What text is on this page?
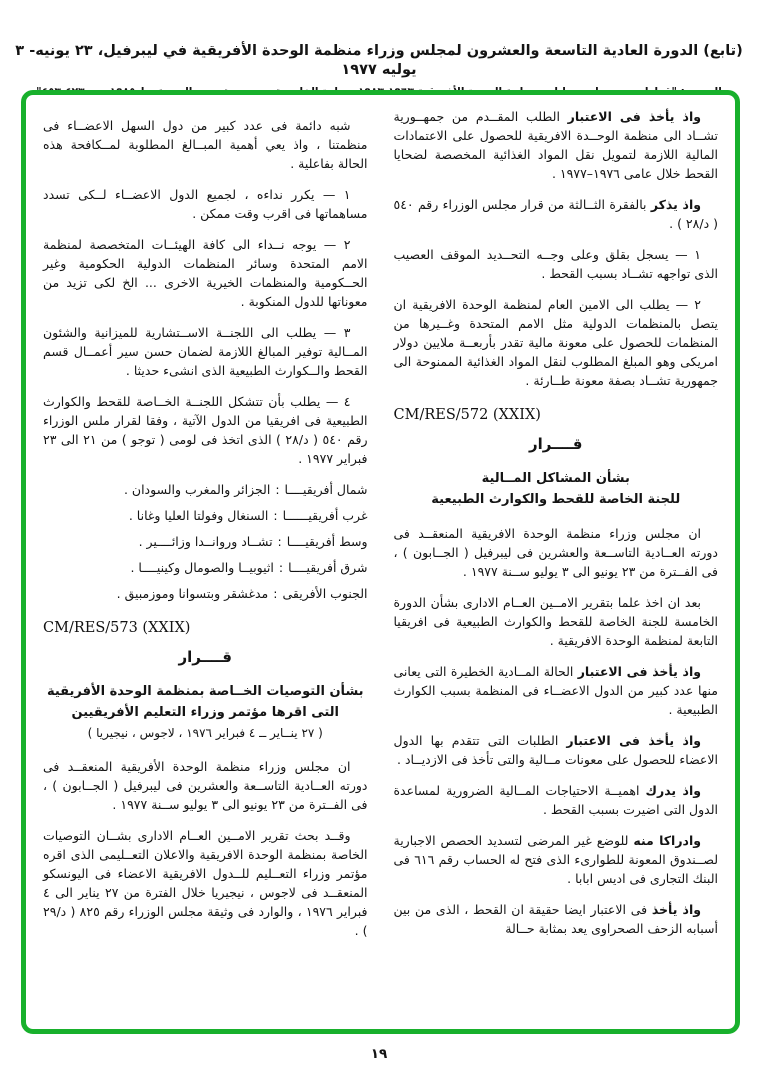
(تابع) الدورة العادية التاسعة والعشرون لمجلس وزراء منظمة الوحدة الأفريقية في ليبرفيل، ٢٣ يونيه- ٣ يوليه ١٩٧٧

واذ يأخذ فى الاعتبار الطلب المقــدم من جمهــورية تشــاد الى منظمة الوحــدة الافريقية للحصول على الاعتمادات المالية اللازمة لتمويل نقل المواد الغذائية المخصصة لضحايا القحط خلال عامى ١٩٧٦–١٩٧٧ .

واذ يذكر بالفقرة الثــالثة من قرار مجلس الوزراء رقم ٥٤٠ ( د/٢٨ ) .

١ — يسجل بقلق وعلى وجــه التحــديد الموقف العصيب الذى تواجهه تشــاد بسبب القحط .

٢ — يطلب الى الامين العام لمنظمة الوحدة الافريقية ان يتصل بالمنظمات الدولية مثل الامم المتحدة وغــيرها من المنظمات للحصول على معونة مالية تقدر بأربعــة ملايين دولار امريكى وهو المبلغ المطلوب لنقل المواد الغذائية الممنوحة الى جمهورية تشــاد بصفة معونة طــارئة .

CM/RES/572 (XXIX)
قــــرار
بشأن المشاكل المــالية
للجنة الخاصة للقحط والكوارث الطبيعية

ان مجلس وزراء منظمة الوحدة الافريقية المنعقــد فى دورته العــادية التاســعة والعشرين فى ليبرفيل ( الجــابون ) ، فى الفــترة من ٢٣ يونيو الى ٣ يوليو ســنة ١٩٧٧ .

بعد ان اخذ علما بتقرير الامــين العــام الادارى بشأن الدورة الخامسة للجنة الخاصة للقحط والكوارث الطبيعية فى افريقيا التابعة لمنظمة الوحدة الافريقية .

واذ يأخذ فى الاعتبار الحالة المــادية الخطيرة التى يعانى منها عدد كبير من الدول الاعضــاء فى المنظمة بسبب الكوارث الطبيعية .

واذ يأخذ فى الاعتبار الطلبات التى تتقدم بها الدول الاعضاء للحصول على معونات مــالية والتى تأخذ فى الازديــاد .

واذ يدرك اهميــة الاحتياجات المــالية الضرورية لمساعدة الدول التى اضيرت بسبب القحط .

وادراكا منه للوضع غير المرضى لتسديد الحصص الاجبارية لصــندوق المعونة للطوارىء الذى فتح له الحساب رقم ٦١٦ فى البنك التجارى فى اديس ابابا .

واذ يأخذ فى الاعتبار ايضا حقيقة ان القحط ، الذى من بين أسبابه الزحف الصحراوى يعد بمثابة حــالة

شبه دائمة فى عدد كبير من دول السهل الاعضــاء فى منظمتنا ، واذ يعي أهمية المبــالغ المطلوبة لمــكافحة هذه الحالة بفاعلية .

١ — يكرر نداءه ، لجميع الدول الاعضــاء لــكى تسدد مساهماتها فى اقرب وقت ممكن .

٢ — يوجه نــداء الى كافة الهيئــات المتخصصة لمنظمة الامم المتحدة وسائر المنظمات الدولية الحكومية وغير الحــكومية والمنظمات الخيرية الاخرى ... الخ لكى تزيد من معوناتها للدول المنكوبة .

٣ — يطلب الى اللجنــة الاســتشارية للميزانية والشئون المــالية توفير المبالغ اللازمة لضمان حسن سير أعمــال قسم القحط والــكوارث الطبيعية الذى انشىء حديثا .

٤ — يطلب بأن تتشكل اللجنــة الخــاصة للقحط والكوارث الطبيعية فى افريقيا من الدول الآتية ، وفقا لقرار ملس الوزراء رقم ٥٤٠ ( د/٢٨ ) الذى اتخذ فى لومى ( توجو ) من ٢١ الى ٢٣ فبراير ١٩٧٧ .

شمال أفريقيــــا:الجزائر والمغرب والسودان .

غرب أفريقيــــــا:السنغال وفولتا العليا وغانا .

وسط أفريقيــــا:تشــاد وروانــدا وزائــــير .

شرق أفريقيــــا:اثيوبيــا والصومال وكينيــــا .

الجنوب الأفريقى:مدغشقر وبتسوانا وموزمبيق .

CM/RES/573 (XXIX)
قــــرار
بشأن التوصيات الخــاصة بمنظمة الوحدة الأفريقية
التى اقرها مؤتمر وزراء التعليم الأفريقيين
( ٢٧ ينــاير ــ ٤ فبراير ١٩٧٦ ، لاجوس ، نيجيريا )

ان مجلس وزراء منظمة الوحدة الأفريقية المنعقــد فى دورته العــادية التاســعة والعشرين فى ليبرفيل ( الجــابون ) ، فى الفــترة من ٢٣ يونيو الى ٣ يوليو ســنة ١٩٧٧ .

وقــد بحث تقرير الامــين العــام الادارى بشــان التوصيات الخاصة بمنظمة الوحدة الافريقية والاعلان التعــليمى الذى اقره مؤتمر وزراء التعــليم للــدول الافريقية الاعضاء فى اليونسكو المنعقــد فى لاجوس ، نيجيريا خلال الفترة من ٢٧ يناير الى ٤ فبراير ١٩٧٦ ، والوارد فى وثيقة مجلس الوزراء رقم ٨٢٥ ( د/٢٩ ) .

١٩
